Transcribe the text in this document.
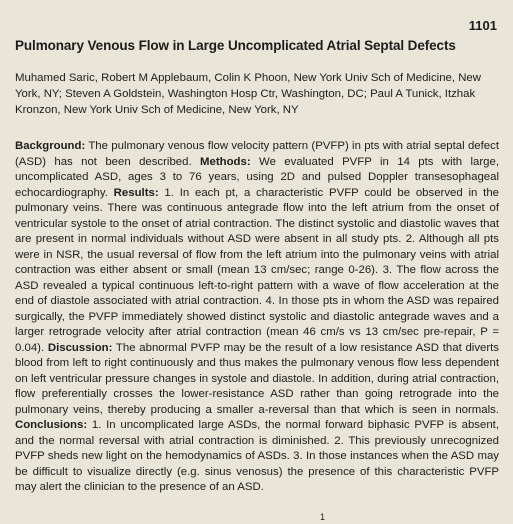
1101
Pulmonary Venous Flow in Large Uncomplicated Atrial Septal Defects
Muhamed Saric, Robert M Applebaum, Colin K Phoon, New York Univ Sch of Medicine, New York, NY; Steven A Goldstein, Washington Hosp Ctr, Washington, DC; Paul A Tunick, Itzhak Kronzon, New York Univ Sch of Medicine, New York, NY
Background: The pulmonary venous flow velocity pattern (PVFP) in pts with atrial septal defect (ASD) has not been described. Methods: We evaluated PVFP in 14 pts with large, uncomplicated ASD, ages 3 to 76 years, using 2D and pulsed Doppler transesophageal echocardiography. Results: 1. In each pt, a characteristic PVFP could be observed in the pulmonary veins. There was continuous antegrade flow into the left atrium from the onset of ventricular systole to the onset of atrial contraction. The distinct systolic and diastolic waves that are present in normal individuals without ASD were absent in all study pts. 2. Although all pts were in NSR, the usual reversal of flow from the left atrium into the pulmonary veins with atrial contraction was either absent or small (mean 13 cm/sec; range 0-26). 3. The flow across the ASD revealed a typical continuous left-to-right pattern with a wave of flow acceleration at the end of diastole associated with atrial contraction. 4. In those pts in whom the ASD was repaired surgically, the PVFP immediately showed distinct systolic and diastolic antegrade waves and a larger retrograde velocity after atrial contraction (mean 46 cm/s vs 13 cm/sec pre-repair, P = 0.04). Discussion: The abnormal PVFP may be the result of a low resistance ASD that diverts blood from left to right continuously and thus makes the pulmonary venous flow less dependent on left ventricular pressure changes in systole and diastole. In addition, during atrial contraction, flow preferentially crosses the lower-resistance ASD rather than going retrograde into the pulmonary veins, thereby producing a smaller a-reversal than that which is seen in normals. Conclusions: 1. In uncomplicated large ASDs, the normal forward biphasic PVFP is absent, and the normal reversal with atrial contraction is diminished. 2. This previously unrecognized PVFP sheds new light on the hemodynamics of ASDs. 3. In those instances when the ASD may be difficult to visualize directly (e.g. sinus venosus) the presence of this characteristic PVFP may alert the clinician to the presence of an ASD.
1
